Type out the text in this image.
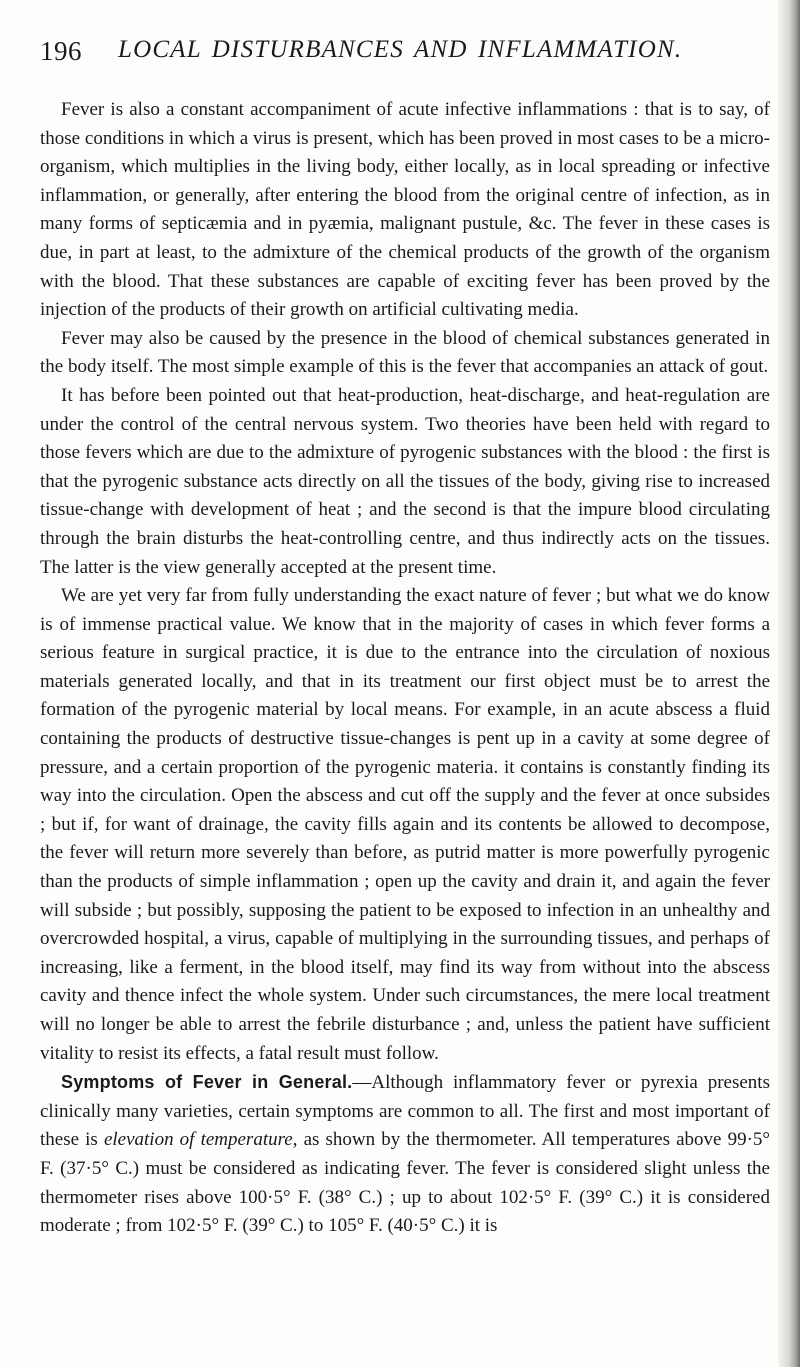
196 LOCAL DISTURBANCES AND INFLAMMATION.

Fever is also a constant accompaniment of acute infective inflammations : that is to say, of those conditions in which a virus is present, which has been proved in most cases to be a micro-organism, which multiplies in the living body, either locally, as in local spreading or infective inflammation, or generally, after entering the blood from the original centre of infection, as in many forms of septicæmia and in pyæmia, malignant pustule, &c. The fever in these cases is due, in part at least, to the admixture of the chemical products of the growth of the organism with the blood. That these substances are capable of exciting fever has been proved by the injection of the products of their growth on artificial cultivating media.

Fever may also be caused by the presence in the blood of chemical substances generated in the body itself. The most simple example of this is the fever that accompanies an attack of gout.

It has before been pointed out that heat-production, heat-discharge, and heat-regulation are under the control of the central nervous system. Two theories have been held with regard to those fevers which are due to the admixture of pyrogenic substances with the blood : the first is that the pyrogenic substance acts directly on all the tissues of the body, giving rise to increased tissue-change with development of heat ; and the second is that the impure blood circulating through the brain disturbs the heat-controlling centre, and thus indirectly acts on the tissues. The latter is the view generally accepted at the present time.

We are yet very far from fully understanding the exact nature of fever ; but what we do know is of immense practical value. We know that in the majority of cases in which fever forms a serious feature in surgical practice, it is due to the entrance into the circulation of noxious materials generated locally, and that in its treatment our first object must be to arrest the formation of the pyrogenic material by local means. For example, in an acute abscess a fluid containing the products of destructive tissue-changes is pent up in a cavity at some degree of pressure, and a certain proportion of the pyrogenic materia. it contains is constantly finding its way into the circulation. Open the abscess and cut off the supply and the fever at once subsides ; but if, for want of drainage, the cavity fills again and its contents be allowed to decompose, the fever will return more severely than before, as putrid matter is more powerfully pyrogenic than the products of simple inflammation ; open up the cavity and drain it, and again the fever will subside ; but possibly, supposing the patient to be exposed to infection in an unhealthy and overcrowded hospital, a virus, capable of multiplying in the surrounding tissues, and perhaps of increasing, like a ferment, in the blood itself, may find its way from without into the abscess cavity and thence infect the whole system. Under such circumstances, the mere local treatment will no longer be able to arrest the febrile disturbance ; and, unless the patient have sufficient vitality to resist its effects, a fatal result must follow.

Symptoms of Fever in General.—Although inflammatory fever or pyrexia presents clinically many varieties, certain symptoms are common to all. The first and most important of these is elevation of temperature, as shown by the thermometer. All temperatures above 99·5° F. (37·5° C.) must be considered as indicating fever. The fever is considered slight unless the thermometer rises above 100·5° F. (38° C.) ; up to about 102·5° F. (39° C.) it is considered moderate ; from 102·5° F. (39° C.) to 105° F. (40·5° C.) it is
